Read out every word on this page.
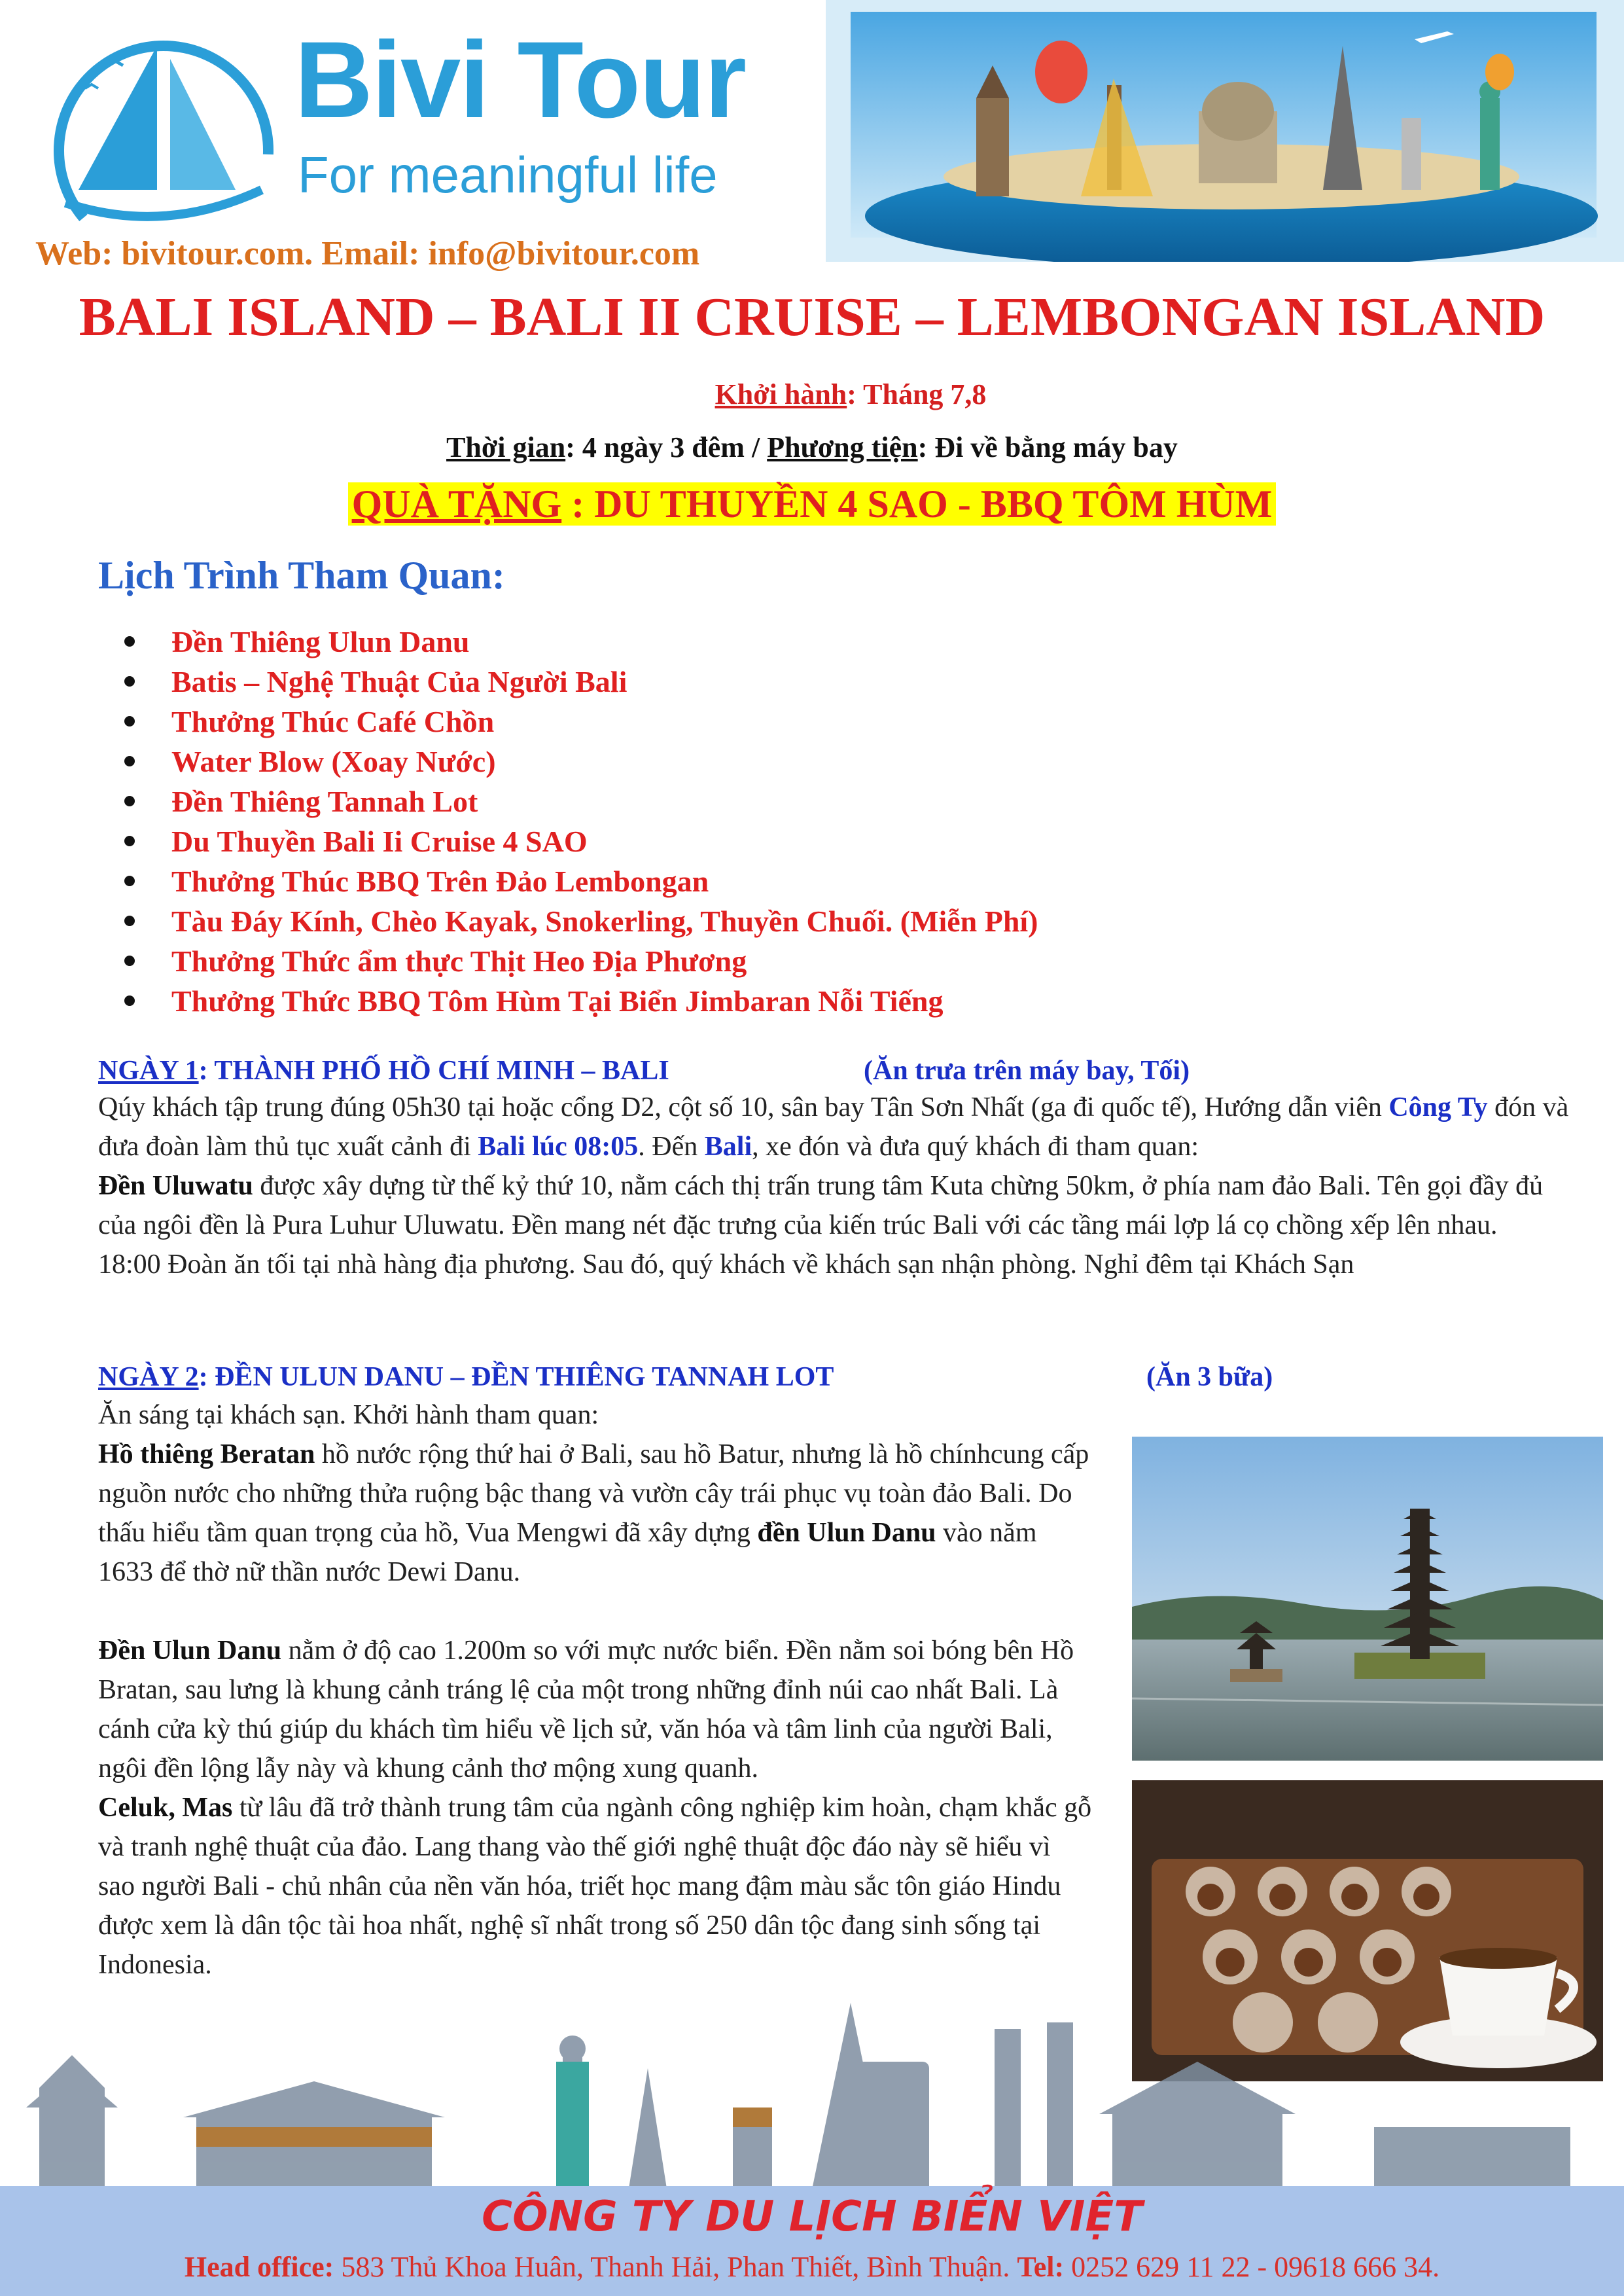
Bivi Tour
For meaningful life
Web: bivitour.com. Email: info@bivitour.com
BALI ISLAND – BALI II CRUISE – LEMBONGAN ISLAND
Khởi hành: Tháng 7,8
Thời gian: 4 ngày 3 đêm / Phương tiện: Đi về bằng máy bay
QUÀ TẶNG : DU THUYỀN 4 SAO - BBQ TÔM HÙM
Lịch Trình Tham Quan:
Đền Thiêng Ulun Danu
Batis – Nghệ Thuật Của Người Bali
Thưởng Thúc Café Chồn
Water Blow (Xoay Nước)
Đền Thiêng Tannah Lot
Du Thuyền Bali Ii Cruise 4 SAO
Thưởng Thúc BBQ Trên Đảo Lembongan
Tàu Đáy Kính, Chèo Kayak, Snokerling, Thuyền Chuối. (Miễn Phí)
Thưởng Thức ẩm thực Thịt Heo Địa Phương
Thưởng Thức BBQ Tôm Hùm Tại Biển Jimbaran Nỗi Tiếng
NGÀY 1: THÀNH PHỐ HỒ CHÍ MINH – BALI	(Ăn trưa trên máy bay, Tối)
Qúy khách tập trung đúng 05h30 tại hoặc cổng D2, cột số 10, sân bay Tân Sơn Nhất (ga đi quốc tế), Hướng dẫn viên Công Ty đón và đưa đoàn làm thủ tục xuất cảnh đi Bali lúc 08:05. Đến Bali, xe đón và đưa quý khách đi tham quan:
Đền Uluwatu được xây dựng từ thế kỷ thứ 10, nằm cách thị trấn trung tâm Kuta chừng 50km, ở phía nam đảo Bali. Tên gọi đầy đủ của ngôi đền là Pura Luhur Uluwatu. Đền mang nét đặc trưng của kiến trúc Bali với các tầng mái lợp lá cọ chồng xếp lên nhau.
18:00 Đoàn ăn tối tại nhà hàng địa phương. Sau đó, quý khách về khách sạn nhận phòng. Nghỉ đêm tại Khách Sạn
NGÀY 2: ĐỀN ULUN DANU – ĐỀN THIÊNG TANNAH LOT	(Ăn 3 bữa)
Ăn sáng tại khách sạn. Khởi hành tham quan:
Hồ thiêng Beratan hồ nước rộng thứ hai ở Bali, sau hồ Batur, nhưng là hồ chínhcung cấp nguồn nước cho những thửa ruộng bậc thang và vườn cây trái phục vụ toàn đảo Bali. Do thấu hiểu tầm quan trọng của hồ, Vua Mengwi đã xây dựng đền Ulun Danu vào năm 1633 để thờ nữ thần nước Dewi Danu.
Đền Ulun Danu nằm ở độ cao 1.200m so với mực nước biển. Đền nằm soi bóng bên Hồ Bratan, sau lưng là khung cảnh tráng lệ của một trong những đỉnh núi cao nhất Bali. Là cánh cửa kỳ thú giúp du khách tìm hiểu về lịch sử, văn hóa và tâm linh của người Bali, ngôi đền lộng lẫy này và khung cảnh thơ mộng xung quanh.
Celuk, Mas từ lâu đã trở thành trung tâm của ngành công nghiệp kim hoàn, chạm khắc gỗ và tranh nghệ thuật của đảo. Lang thang vào thế giới nghệ thuật độc đáo này sẽ hiểu vì sao người Bali - chủ nhân của nền văn hóa, triết học mang đậm màu sắc tôn giáo Hindu được xem là dân tộc tài hoa nhất, nghệ sĩ nhất trong số 250 dân tộc đang sinh sống tại Indonesia.
CÔNG TY DU LỊCH BIỂN VIỆT
Head office: 583 Thủ Khoa Huân, Thanh Hải, Phan Thiết, Bình Thuận. Tel: 0252 629 11 22 - 09618 666 34.
